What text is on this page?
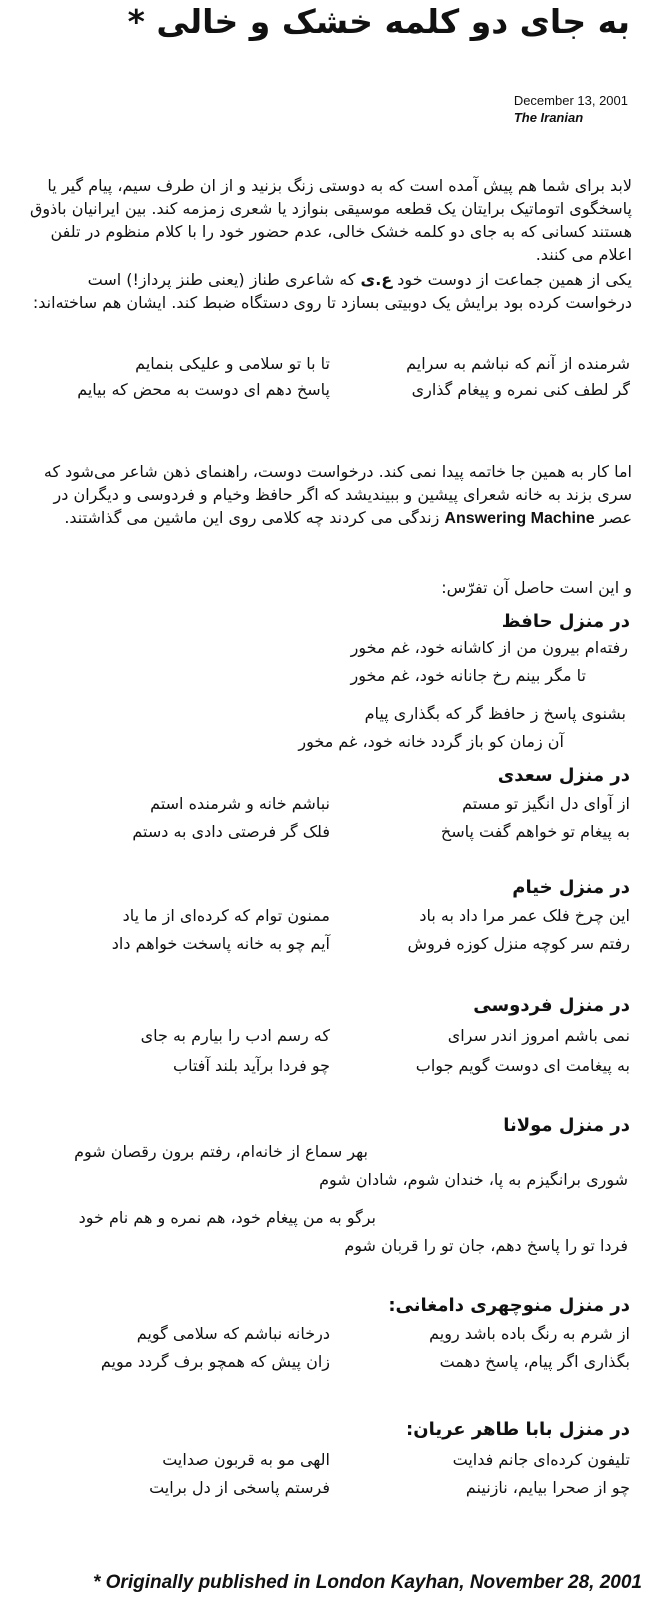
به جای دو کلمه خشک و خالی *
December 13, 2001
The Iranian
لابد برای شما هم پیش آمده است که به دوستی زنگ بزنید و از ان طرف سیم، پیام گیر یا پاسخگوی اتوماتیک برایتان یک قطعه موسیقی بنوازد یا شعری زمزمه کند. بین ایرانیان باذوق هستند کسانی که به جای دو کلمه خشک خالی، عدم حضور خود را با کلام منظوم در تلفن اعلام می کنند.
یکی از همین جماعت از دوست خود ع.ی که شاعری طناز (یعنی طنز پرداز!) است درخواست کرده بود برایش یک دوبیتی بسازد تا روی دستگاه ضبط کند. ایشان هم ساخته‌اند:
شرمنده از آنم که نباشم به سرایم
تا با تو سلامی و علیکی بنمایم
گر لطف کنی نمره و پیغام گذاری
پاسخ دهم ای دوست به محض که بیایم
اما کار به همین جا خاتمه پیدا نمی کند. درخواست دوست، راهنمای ذهن شاعر می‌شود که سری بزند به خانه شعرای پیشین و ببیندیشد که اگر حافظ وخیام و فردوسی و دیگران در عصر Answering Machine زندگی می کردند چه کلامی روی این ماشین می گذاشتند.
و این است حاصل آن تفرّس:
در منزل حافظ
رفته‌ام بیرون من از کاشانه خود، غم مخور
تا مگر بینم رخ جانانه خود، غم مخور
بشنوی پاسخ ز حافظ گر که بگذاری پیام
آن زمان کو باز گردد خانه خود، غم مخور
در منزل سعدی
از آوای دل انگیز تو مستم
نباشم خانه و شرمنده استم
به پیغام تو خواهم گفت پاسخ
فلک گر فرصتی دادی به دستم
در منزل خیام
این چرخ فلک عمر مرا داد به باد
ممنون توام که کرده‌ای از ما یاد
رفتم سر کوچه منزل کوزه فروش
آیم چو به خانه پاسخت خواهم داد
در منزل فردوسی
نمی باشم امروز اندر سرای
که رسم ادب را بیارم به جای
به پیغامت ای دوست گویم جواب
چو فردا برآید بلند آفتاب
در منزل مولانا
بهر سماع از خانه‌ام، رفتم برون رقصان شوم
شوری برانگیزم به پا، خندان شوم، شادان شوم
برگو به من پیغام خود، هم نمره و هم نام خود
فردا تو را پاسخ دهم، جان تو را قربان شوم
در منزل منوچهری دامغانی:
از شرم به رنگ باده باشد رویم
درخانه نباشم که سلامی گویم
بگذاری اگر پیام، پاسخ دهمت
زان پیش که همچو برف گردد مویم
در منزل بابا طاهر عریان:
تلیفون کرده‌ای جانم فدایت
الهی مو به قربون صدایت
چو از صحرا بیایم، نازنینم
فرستم پاسخی از دل برایت
* Originally published in London Kayhan, November 28, 2001
